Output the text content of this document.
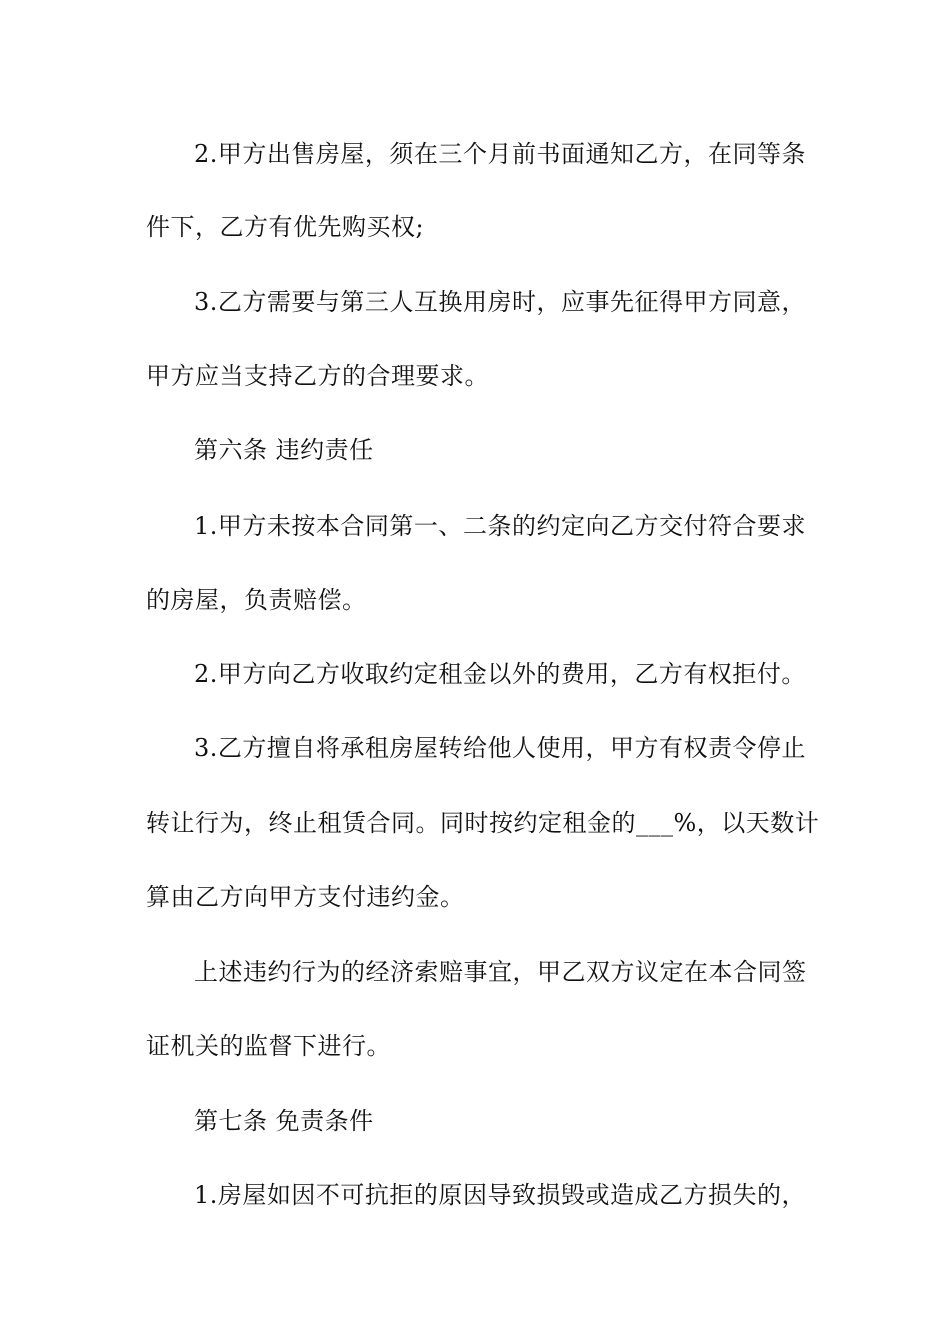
2.甲方出售房屋，须在三个月前书面通知乙方，在同等条
件下，乙方有优先购买权;
3.乙方需要与第三人互换用房时，应事先征得甲方同意，
甲方应当支持乙方的合理要求。
第六条 违约责任
1.甲方未按本合同第一、二条的约定向乙方交付符合要求
的房屋，负责赔偿。
2.甲方向乙方收取约定租金以外的费用，乙方有权拒付。
3.乙方擅自将承租房屋转给他人使用，甲方有权责令停止
转让行为，终止租赁合同。同时按约定租金的___%，以天数计
算由乙方向甲方支付违约金。
上述违约行为的经济索赔事宜，甲乙双方议定在本合同签
证机关的监督下进行。
第七条 免责条件
1.房屋如因不可抗拒的原因导致损毁或造成乙方损失的，
